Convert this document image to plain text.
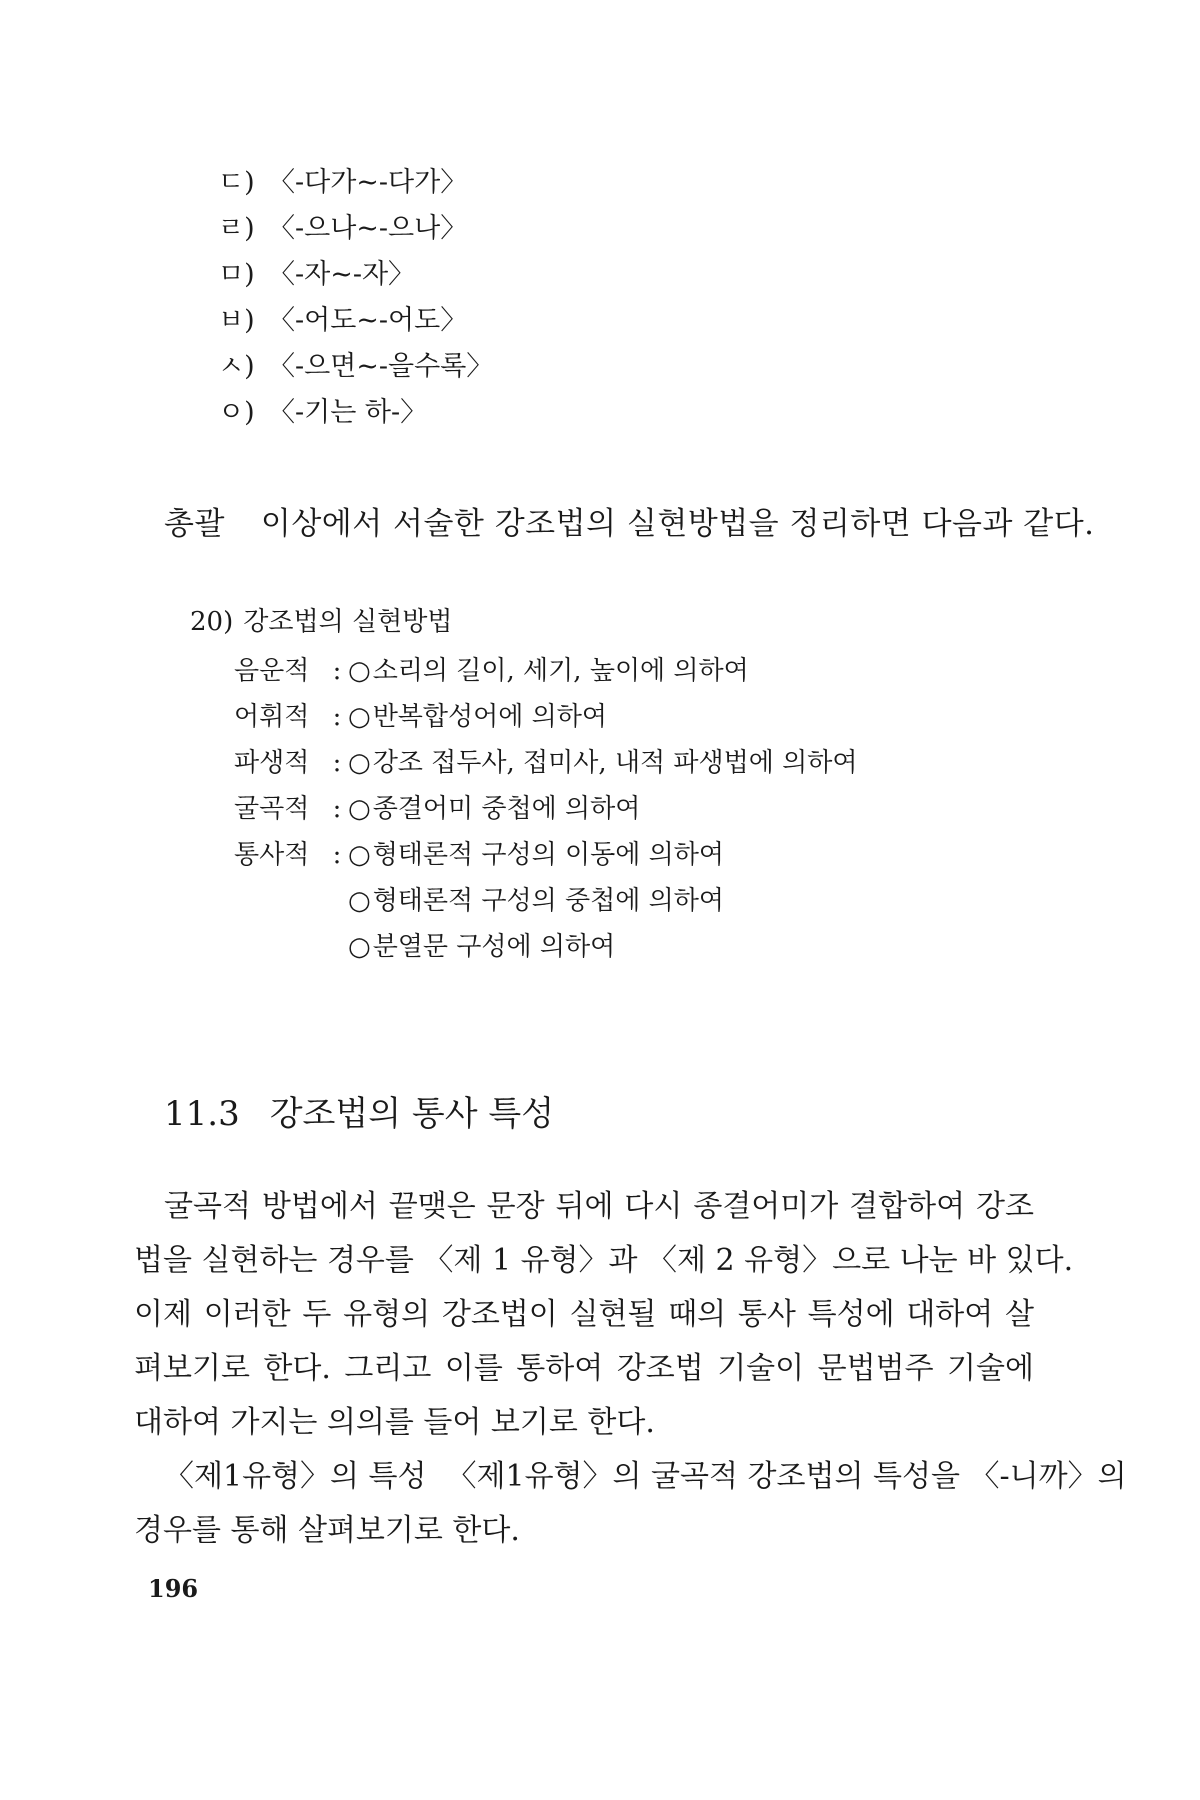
ㄷ) 〈-다가~-다가〉
ㄹ) 〈-으나~-으나〉
ㅁ) 〈-자~-자〉
ㅂ) 〈-어도~-어도〉
ㅅ) 〈-으면~-을수록〉
ㅇ) 〈-기는 하-〉
총괄 이상에서 서술한 강조법의 실현방법을 정리하면 다음과 같다.
20) 강조법의 실현방법
음운적 : ○소리의 길이, 세기, 높이에 의하여
어휘적 : ○반복합성어에 의하여
파생적 : ○강조 접두사, 접미사, 내적 파생법에 의하여
굴곡적 : ○종결어미 중첩에 의하여
통사적 : ○형태론적 구성의 이동에 의하여
○형태론적 구성의 중첩에 의하여
○분열문 구성에 의하여
11.3 강조법의 통사 특성
굴곡적 방법에서 끝맺은 문장 뒤에 다시 종결어미가 결합하여 강조
법을 실현하는 경우를 〈제 1 유형〉과 〈제 2 유형〉으로 나눈 바 있다.
이제 이러한 두 유형의 강조법이 실현될 때의 통사 특성에 대하여 살
펴보기로 한다. 그리고 이를 통하여 강조법 기술이 문법범주 기술에
대하여 가지는 의의를 들어 보기로 한다.
〈제1유형〉의 특성 〈제1유형〉의 굴곡적 강조법의 특성을 〈-니까〉의
경우를 통해 살펴보기로 한다.
196
